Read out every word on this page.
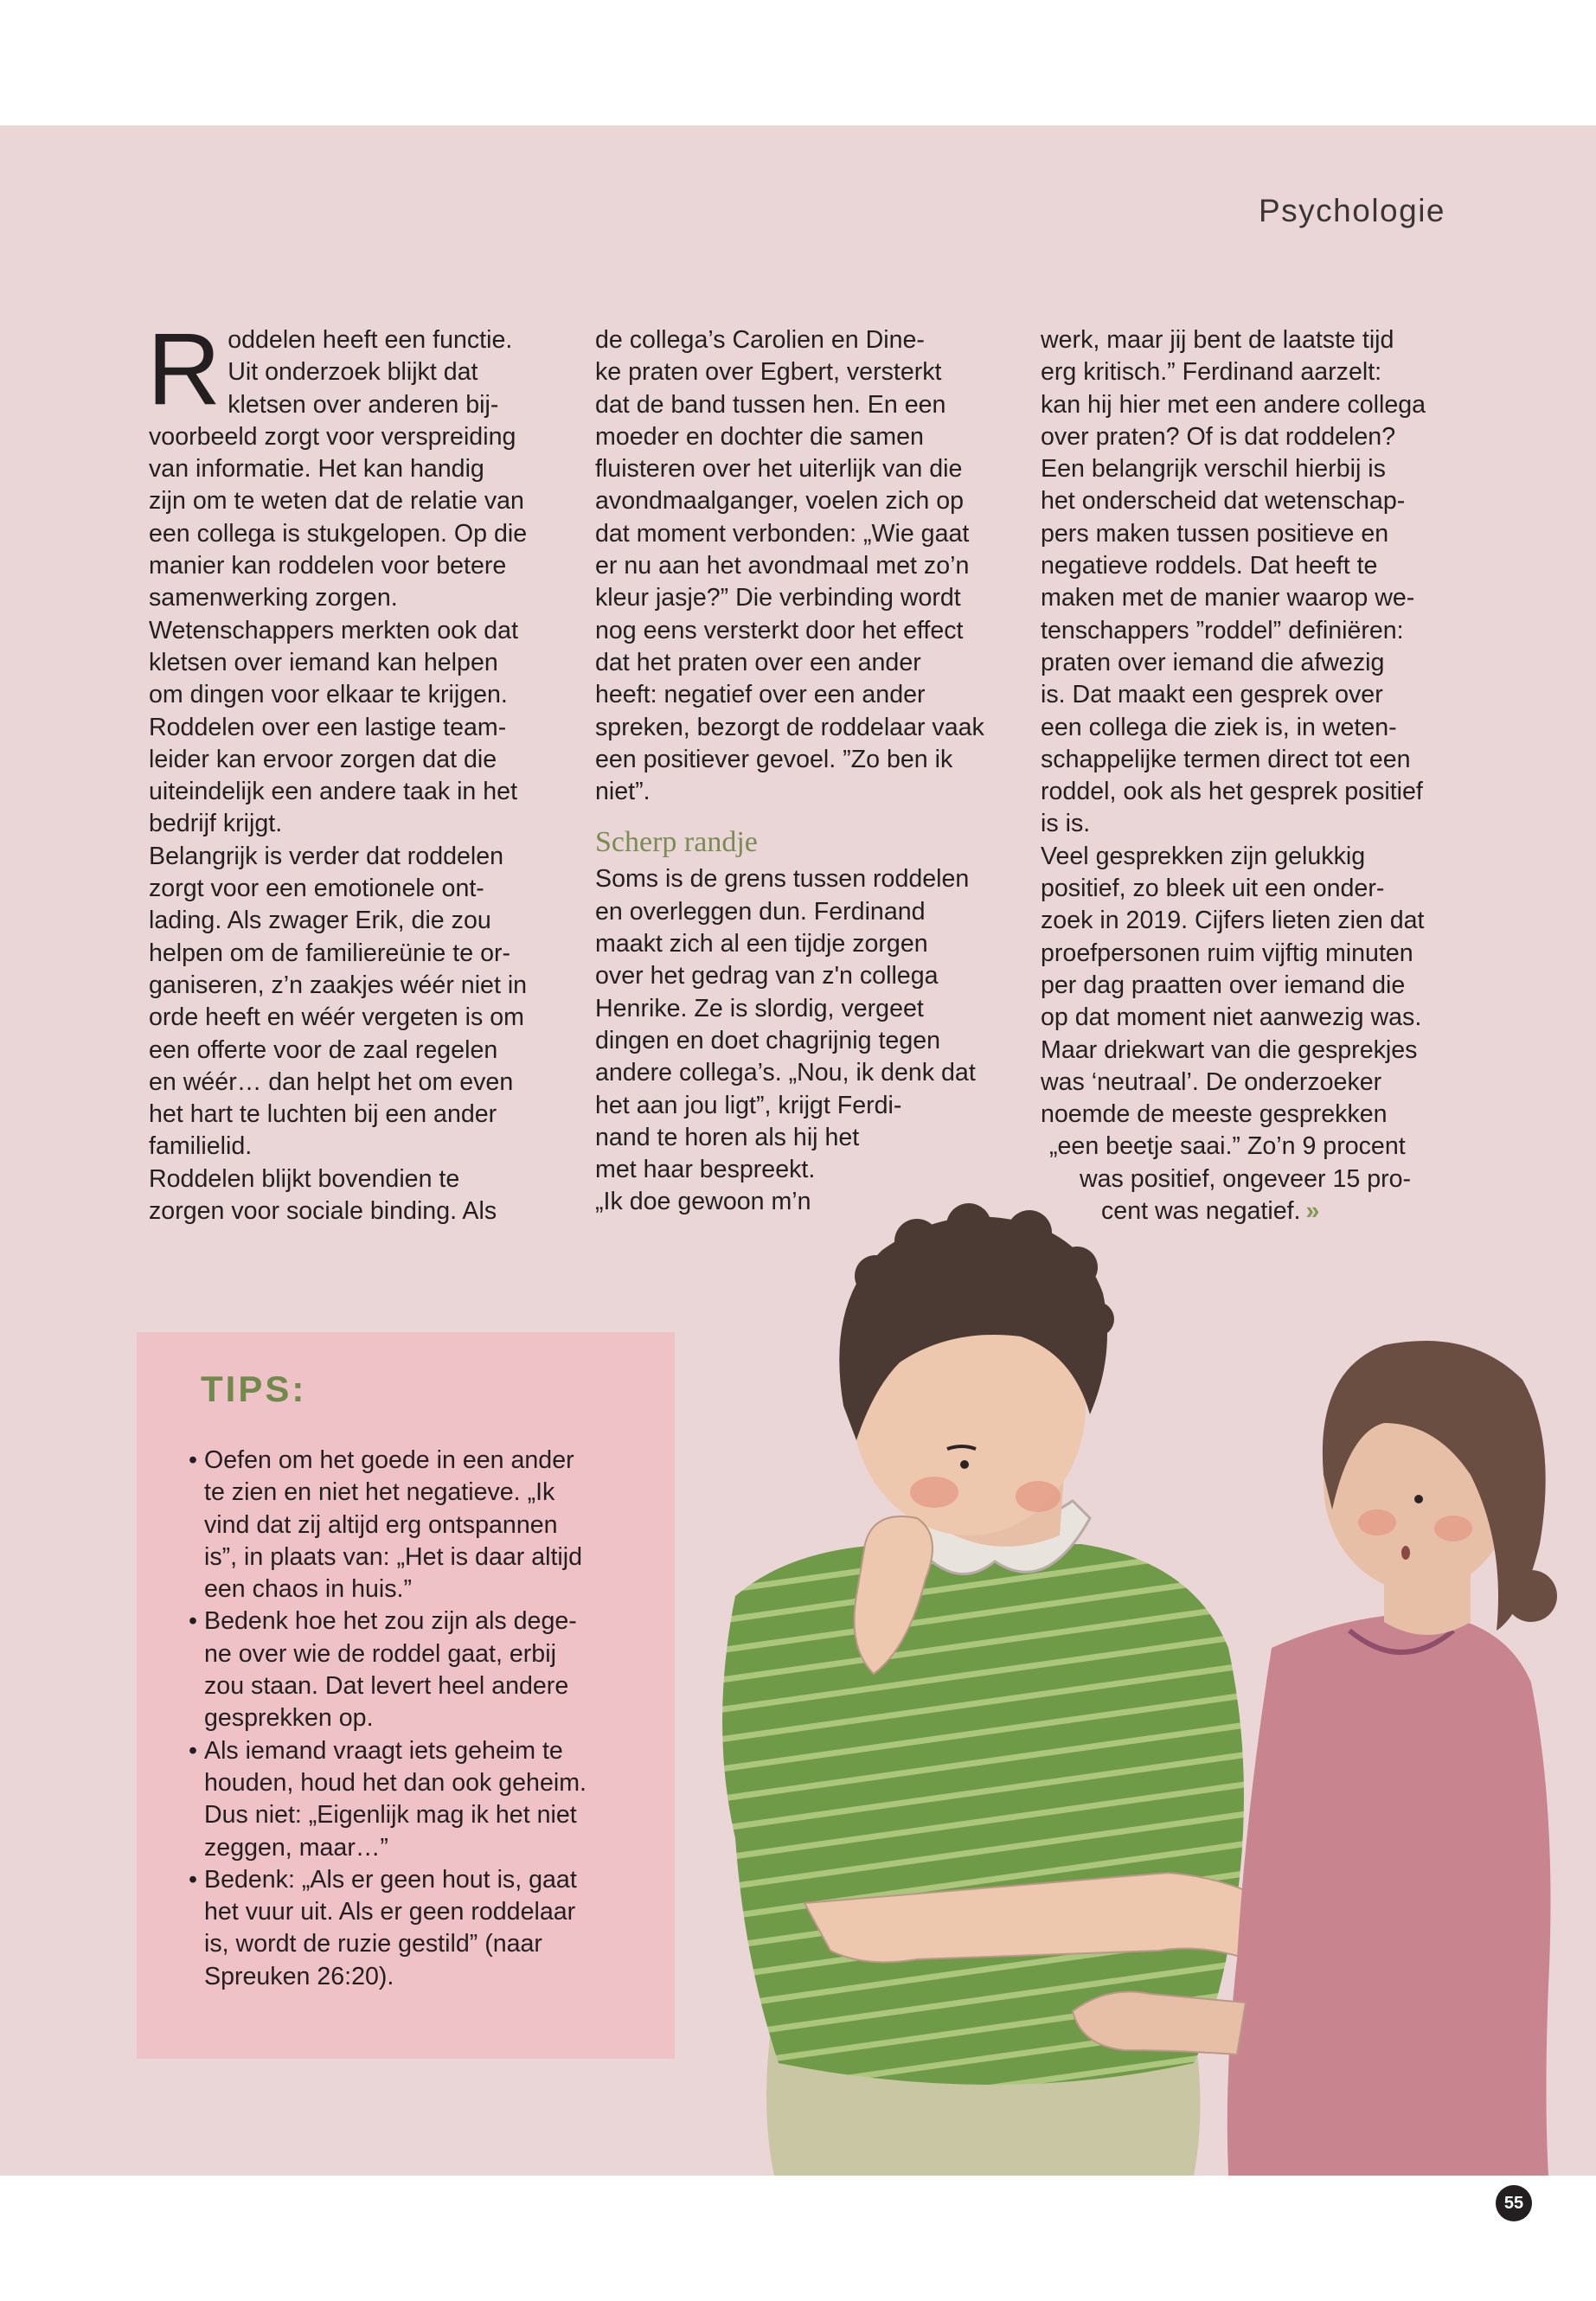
Psychologie

Roddelen heeft een functie.
Uit onderzoek blijkt dat
kletsen over anderen bij-
voorbeeld zorgt voor verspreiding
van informatie. Het kan handig
zijn om te weten dat de relatie van
een collega is stukgelopen. Op die
manier kan roddelen voor betere
samenwerking zorgen.
Wetenschappers merkten ook dat
kletsen over iemand kan helpen
om dingen voor elkaar te krijgen.
Roddelen over een lastige team-
leider kan ervoor zorgen dat die
uiteindelijk een andere taak in het
bedrijf krijgt.

Belangrijk is verder dat roddelen
zorgt voor een emotionele ont-
lading. Als zwager Erik, die zou
helpen om de familiereünie te or-
ganiseren, z’n zaakjes wéér niet in
orde heeft en wéér vergeten is om
een offerte voor de zaal regelen
en wéér… dan helpt het om even
het hart te luchten bij een ander
familielid.

Roddelen blijkt bovendien te
zorgen voor sociale binding. Als

de collega’s Carolien en Dine-
ke praten over Egbert, versterkt
dat de band tussen hen. En een
moeder en dochter die samen
fluisteren over het uiterlijk van die
avondmaalganger, voelen zich op
dat moment verbonden: „Wie gaat
er nu aan het avondmaal met zo’n
kleur jasje?” Die verbinding wordt
nog eens versterkt door het effect
dat het praten over een ander
heeft: negatief over een ander
spreken, bezorgt de roddelaar vaak
een positiever gevoel. ”Zo ben ik
niet”.

Scherp randje

Soms is de grens tussen roddelen
en overleggen dun. Ferdinand
maakt zich al een tijdje zorgen
over het gedrag van z'n collega
Henrike. Ze is slordig, vergeet
dingen en doet chagrijnig tegen
andere collega’s. „Nou, ik denk dat
het aan jou ligt”, krijgt Ferdi-
nand te horen als hij het
met haar bespreekt.
„Ik doe gewoon m’n

werk, maar jij bent de laatste tijd
erg kritisch.” Ferdinand aarzelt:
kan hij hier met een andere collega
over praten? Of is dat roddelen?
Een belangrijk verschil hierbij is
het onderscheid dat wetenschap-
pers maken tussen positieve en
negatieve roddels. Dat heeft te
maken met de manier waarop we-
tenschappers ”roddel” definiëren:
praten over iemand die afwezig
is. Dat maakt een gesprek over
een collega die ziek is, in weten-
schappelijke termen direct tot een
roddel, ook als het gesprek positief
is is.

Veel gesprekken zijn gelukkig
positief, zo bleek uit een onder-
zoek in 2019. Cijfers lieten zien dat
proefpersonen ruim vijftig minuten
per dag praatten over iemand die
op dat moment niet aanwezig was.
Maar driekwart van die gesprekjes
was ‘neutraal’. De onderzoeker
noemde de meeste gesprekken

„een beetje saai.” Zo’n 9 procent

was positief, ongeveer 15 pro-

cent was negatief. »

TIPS:
• Oefen om het goede in een ander
te zien en niet het negatieve. „Ik
vind dat zij altijd erg ontspannen
is”, in plaats van: „Het is daar altijd
een chaos in huis.”
• Bedenk hoe het zou zijn als dege-
ne over wie de roddel gaat, erbij
zou staan. Dat levert heel andere
gesprekken op.
• Als iemand vraagt iets geheim te
houden, houd het dan ook geheim.
Dus niet: „Eigenlijk mag ik het niet
zeggen, maar…”
• Bedenk: „Als er geen hout is, gaat
het vuur uit. Als er geen roddelaar
is, wordt de ruzie gestild” (naar
Spreuken 26:20).
55
